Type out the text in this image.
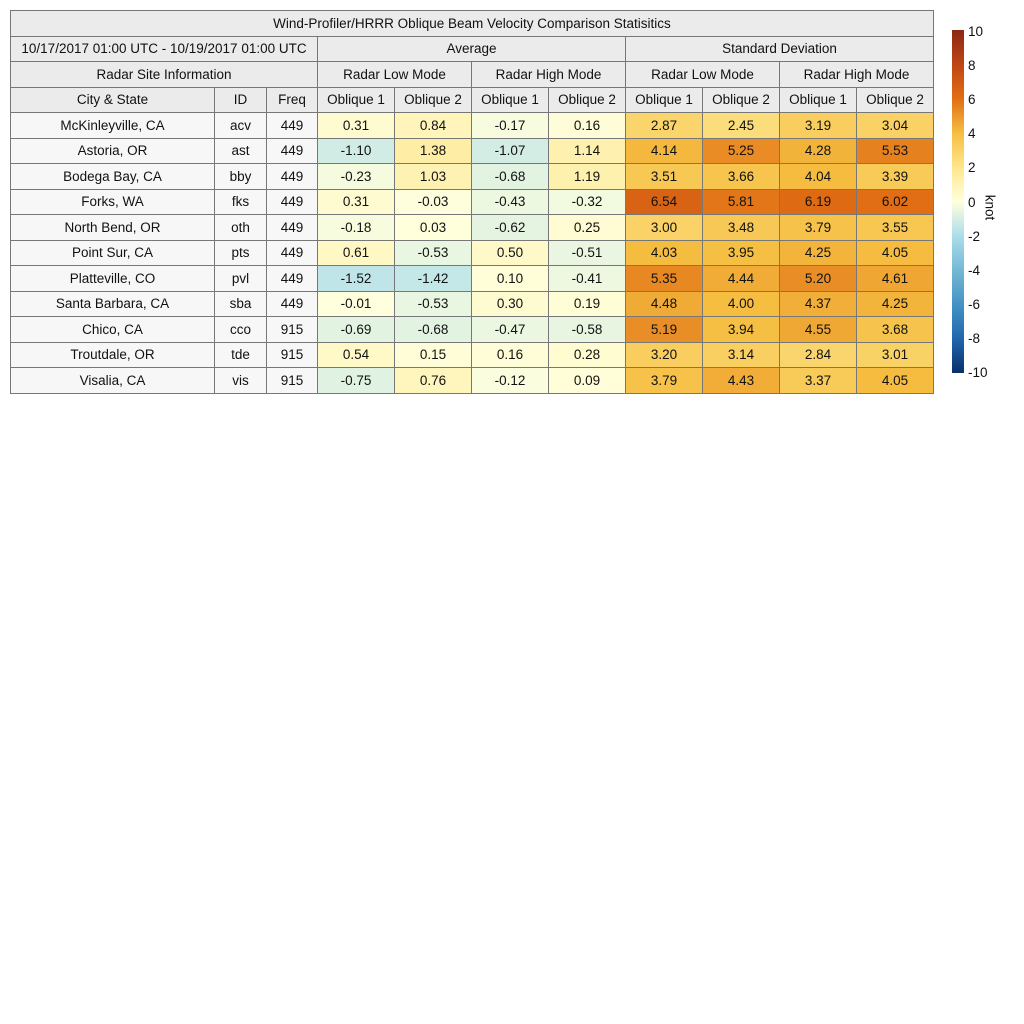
Wind-Profiler/HRRR Oblique Beam Velocity Comparison Statisitics										
10/17/2017 01:00 UTC - 10/19/2017 01:00 UTC			Average				Standard Deviation			
Radar Site Information			Radar Low Mode		Radar High Mode		Radar Low Mode		Radar High Mode	
City & State	ID	Freq	Oblique 1	Oblique 2	Oblique 1	Oblique 2	Oblique 1	Oblique 2	Oblique 1	Oblique 2
McKinleyville, CA	acv	449	0.31	0.84	-0.17	0.16	2.87	2.45	3.19	3.04
Astoria, OR	ast	449	-1.10	1.38	-1.07	1.14	4.14	5.25	4.28	5.53
Bodega Bay, CA	bby	449	-0.23	1.03	-0.68	1.19	3.51	3.66	4.04	3.39
Forks, WA	fks	449	0.31	-0.03	-0.43	-0.32	6.54	5.81	6.19	6.02
North Bend, OR	oth	449	-0.18	0.03	-0.62	0.25	3.00	3.48	3.79	3.55
Point Sur, CA	pts	449	0.61	-0.53	0.50	-0.51	4.03	3.95	4.25	4.05
Platteville, CO	pvl	449	-1.52	-1.42	0.10	-0.41	5.35	4.44	5.20	4.61
Santa Barbara, CA	sba	449	-0.01	-0.53	0.30	0.19	4.48	4.00	4.37	4.25
Chico, CA	cco	915	-0.69	-0.68	-0.47	-0.58	5.19	3.94	4.55	3.68
Troutdale, OR	tde	915	0.54	0.15	0.16	0.28	3.20	3.14	2.84	3.01
Visalia, CA	vis	915	-0.75	0.76	-0.12	0.09	3.79	4.43	3.37	4.05
10
8
6
4
2
0
-2
-4
-6
-8
-10
knot
